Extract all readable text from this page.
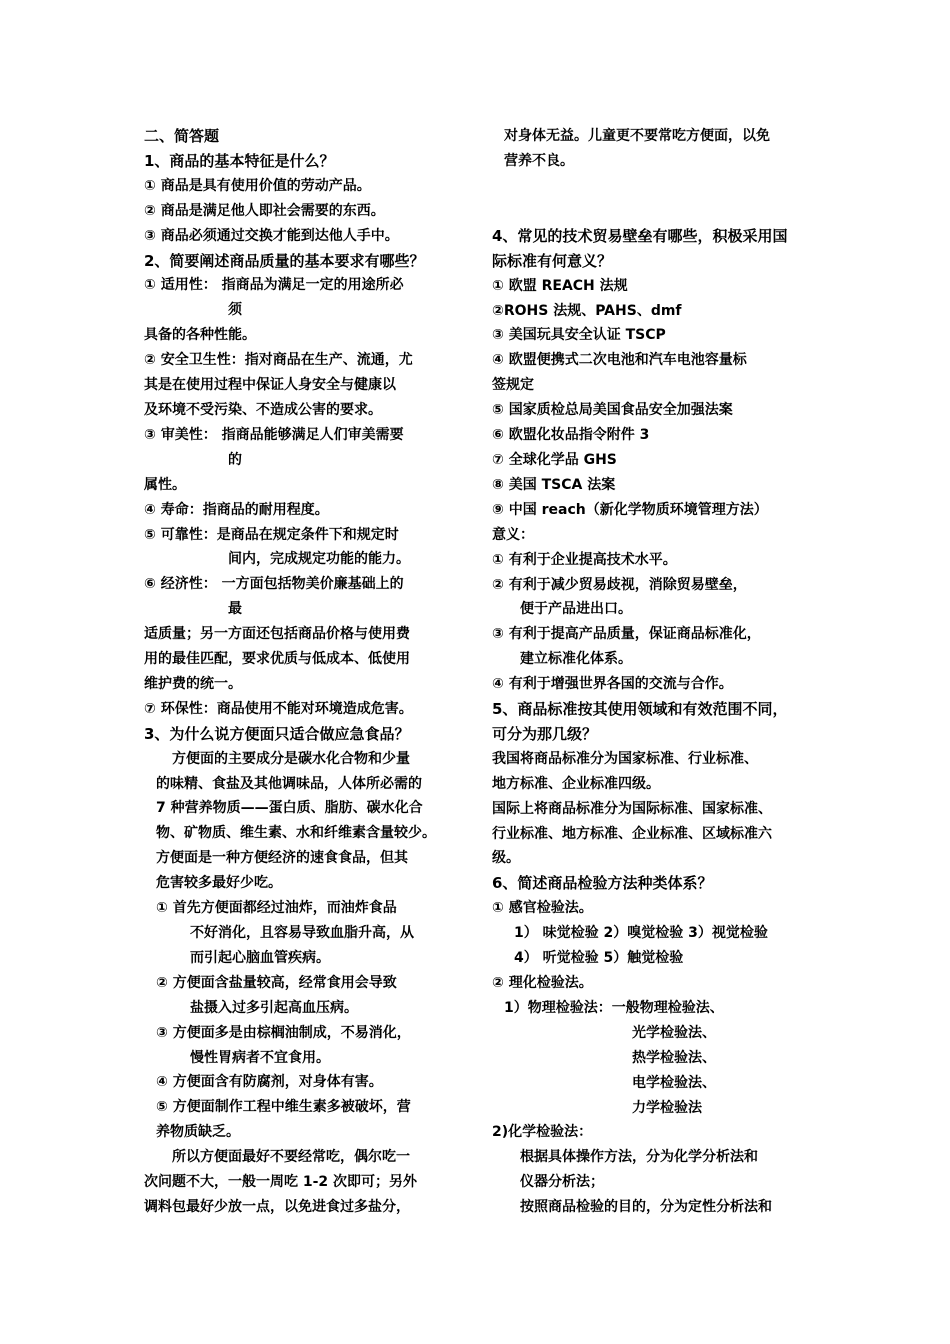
二、简答题
1、商品的基本特征是什么？
① 商品是具有使用价值的劳动产品。
② 商品是满足他人即社会需要的东西。
③ 商品必须通过交换才能到达他人手中。
2、简要阐述商品质量的基本要求有哪些？
① 适用性： 指商品为满足一定的用途所必
须
具备的各种性能。
② 安全卫生性：指对商品在生产、流通，尤
其是在使用过程中保证人身安全与健康以
及环境不受污染、不造成公害的要求。
③ 审美性： 指商品能够满足人们审美需要
的
属性。
④ 寿命：指商品的耐用程度。
⑤ 可靠性：是商品在规定条件下和规定时
间内，完成规定功能的能力。
⑥ 经济性： 一方面包括物美价廉基础上的
最
适质量；另一方面还包括商品价格与使用费
用的最佳匹配，要求优质与低成本、低使用
维护费的统一。
⑦ 环保性：商品使用不能对环境造成危害。
3、为什么说方便面只适合做应急食品？
方便面的主要成分是碳水化合物和少量
的味精、食盐及其他调味品，人体所必需的
7 种营养物质——蛋白质、脂肪、碳水化合
物、矿物质、维生素、水和纤维素含量较少。
方便面是一种方便经济的速食食品，但其
危害较多最好少吃。
① 首先方便面都经过油炸，而油炸食品
不好消化，且容易导致血脂升高，从
而引起心脑血管疾病。
② 方便面含盐量较高，经常食用会导致
盐摄入过多引起高血压病。
③ 方便面多是由棕榈油制成，不易消化，
慢性胃病者不宜食用。
④ 方便面含有防腐剂，对身体有害。
⑤ 方便面制作工程中维生素多被破坏，营
养物质缺乏。
所以方便面最好不要经常吃，偶尔吃一
次问题不大，一般一周吃 1-2 次即可；另外
调料包最好少放一点，以免进食过多盐分，
对身体无益。儿童更不要常吃方便面，以免
营养不良。
4、常见的技术贸易壁垒有哪些，积极采用国
际标准有何意义？
① 欧盟 REACH 法规
②ROHS 法规、PAHS、dmf
③ 美国玩具安全认证 TSCP
④ 欧盟便携式二次电池和汽车电池容量标
签规定
⑤ 国家质检总局美国食品安全加强法案
⑥ 欧盟化妆品指令附件 3
⑦ 全球化学品 GHS
⑧ 美国 TSCA 法案
⑨ 中国 reach（新化学物质环境管理方法）
意义：
① 有利于企业提高技术水平。
② 有利于减少贸易歧视，消除贸易壁垒，
便于产品进出口。
③ 有利于提高产品质量，保证商品标准化，
建立标准化体系。
④ 有利于增强世界各国的交流与合作。
5、商品标准按其使用领域和有效范围不同，
可分为那几级？
我国将商品标准分为国家标准、行业标准、
地方标准、企业标准四级。
国际上将商品标准分为国际标准、国家标准、
行业标准、地方标准、企业标准、区域标准六
级。
6、简述商品检验方法种类体系？
① 感官检验法。
1） 味觉检验 2）嗅觉检验 3）视觉检验
4） 听觉检验 5）触觉检验
② 理化检验法。
1）物理检验法：一般物理检验法、
光学检验法、
热学检验法、
电学检验法、
力学检验法
2)化学检验法：
根据具体操作方法，分为化学分析法和
仪器分析法；
按照商品检验的目的，分为定性分析法和
